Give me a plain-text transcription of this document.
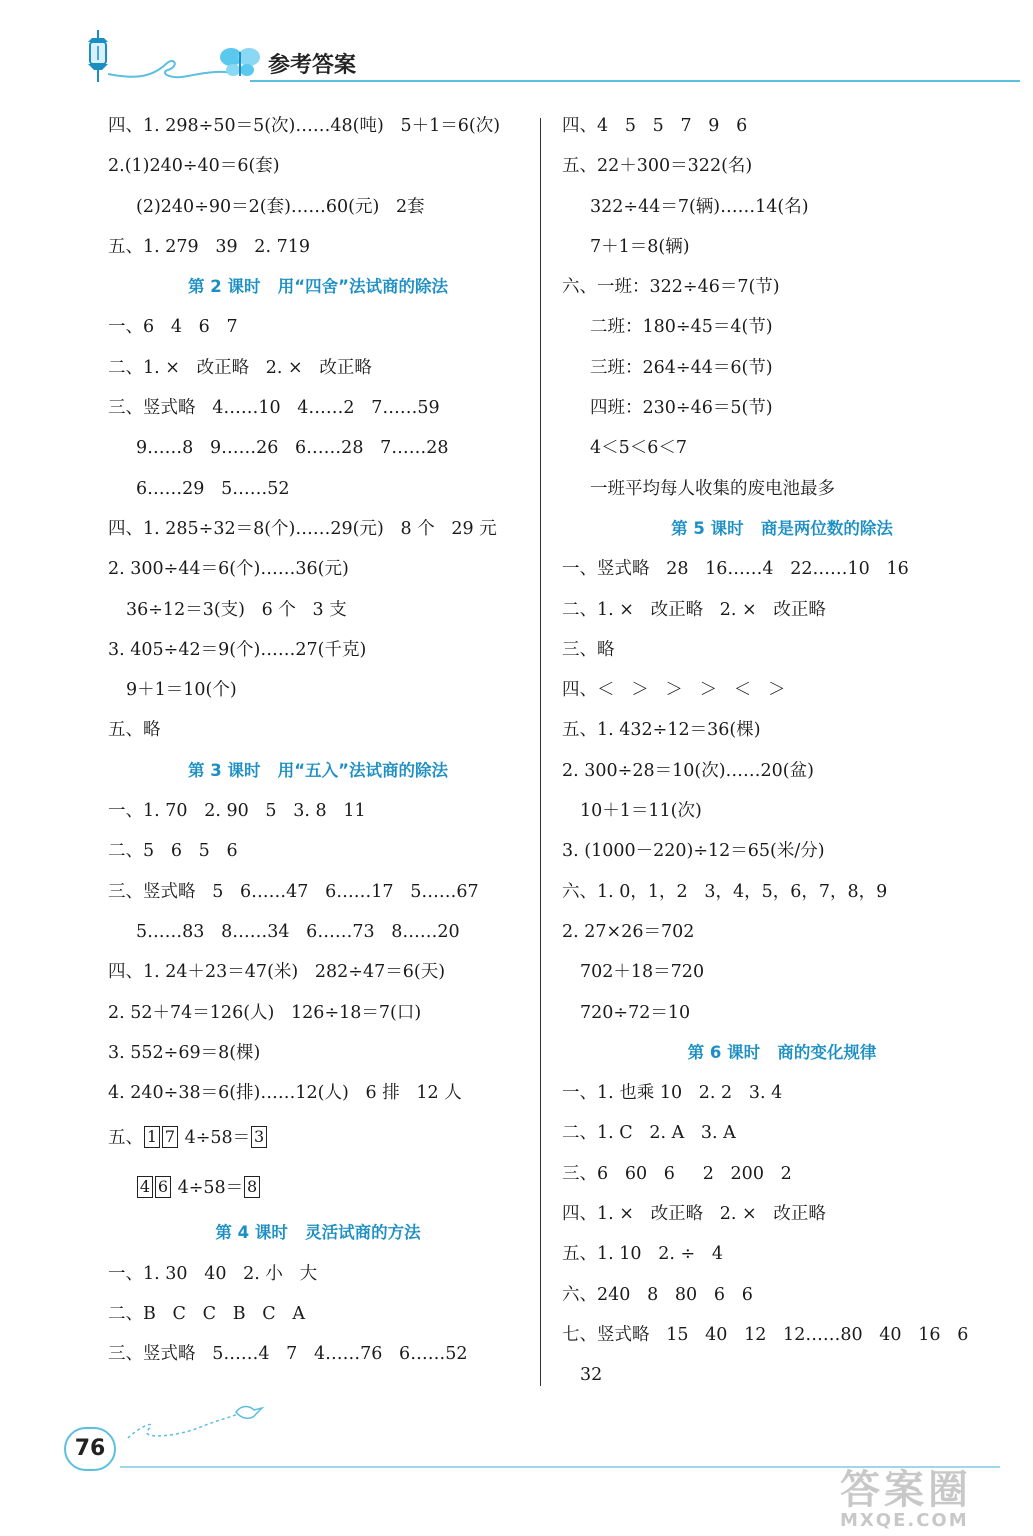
参考答案
四、1. 298÷50＝5(次)……48(吨)   5＋1＝6(次)
2.(1)240÷40＝6(套)
(2)240÷90＝2(套)……60(元)   2套
五、1. 279   39   2. 719
第 2 课时   用“四舍”法试商的除法
一、6   4   6   7
二、1. ×   改正略   2. ×   改正略
三、竖式略   4……10   4……2   7……59
9……8   9……26   6……28   7……28
6……29   5……52
四、1. 285÷32＝8(个)……29(元)   8 个   29 元
2. 300÷44＝6(个)……36(元)
36÷12＝3(支)   6 个   3 支
3. 405÷42＝9(个)……27(千克)
9＋1＝10(个)
五、略
第 3 课时   用“五入”法试商的除法
一、1. 70   2. 90   5   3. 8   11
二、5   6   5   6
三、竖式略   5   6……47   6……17   5……67
5……83   8……34   6……73   8……20
四、1. 24＋23＝47(米)   282÷47＝6(天)
2. 52＋74＝126(人)   126÷18＝7(口)
3. 552÷69＝8(棵)
4. 240÷38＝6(排)……12(人)   6 排   12 人
五、 1 7 4÷58＝ 3
4 6 4÷58＝ 8
第 4 课时   灵活试商的方法
一、1. 30   40   2. 小   大
二、B   C   C   B   C   A
三、竖式略   5……4   7   4……76   6……52
四、4   5   5   7   9   6
五、22＋300＝322(名)
322÷44＝7(辆)……14(名)
7＋1＝8(辆)
六、一班：322÷46＝7(节)
二班：180÷45＝4(节)
三班：264÷44＝6(节)
四班：230÷46＝5(节)
4＜5＜6＜7
一班平均每人收集的废电池最多
第 5 课时   商是两位数的除法
一、竖式略   28   16……4   22……10   16
二、1. ×   改正略   2. ×   改正略
三、略
四、＜   ＞   ＞   ＞   ＜   ＞
五、1. 432÷12＝36(棵)
2. 300÷28＝10(次)……20(盆)
10＋1＝11(次)
3. (1000－220)÷12＝65(米/分)
六、1. 0，1，2   3，4，5，6，7，8，9
2. 27×26＝702
702＋18＝720
720÷72＝10
第 6 课时   商的变化规律
一、1. 也乘 10   2. 2   3. 4
二、1. C   2. A   3. A
三、6   60   6     2   200   2
四、1. ×   改正略   2. ×   改正略
五、1. 10   2. ÷   4
六、240   8   80   6   6
七、竖式略   15   40   12   12……80   40   16   6
32
76
答案圈
MXQE.COM
